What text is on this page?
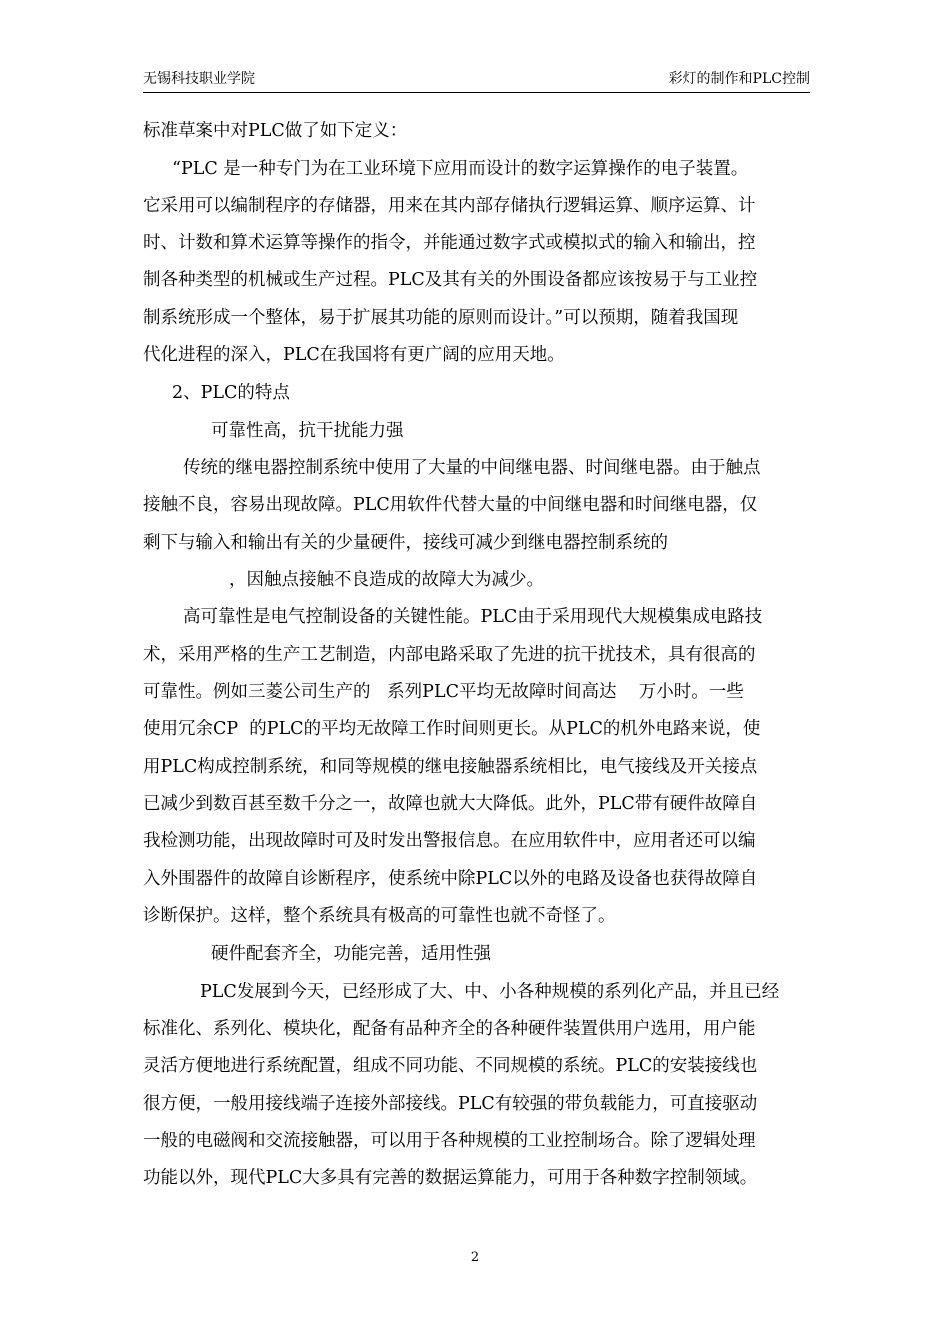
无锡科技职业学院	彩灯的制作和PLC控制
标准草案中对PLC做了如下定义：
“PLC 是一种专门为在工业环境下应用而设计的数字运算操作的电子装置。
它采用可以编制程序的存储器，用来在其内部存储执行逻辑运算、顺序运算、计
时、计数和算术运算等操作的指令，并能通过数字式或模拟式的输入和输出，控
制各种类型的机械或生产过程。PLC及其有关的外围设备都应该按易于与工业控
制系统形成一个整体，易于扩展其功能的原则而设计。”可以预期，随着我国现
代化进程的深入，PLC在我国将有更广阔的应用天地。
2、PLC的特点
可靠性高，抗干扰能力强
传统的继电器控制系统中使用了大量的中间继电器、时间继电器。由于触点
接触不良，容易出现故障。PLC用软件代替大量的中间继电器和时间继电器，仅
剩下与输入和输出有关的少量硬件，接线可减少到继电器控制系统的
，因触点接触不良造成的故障大为减少。
高可靠性是电气控制设备的关键性能。PLC由于采用现代大规模集成电路技
术，采用严格的生产工艺制造，内部电路采取了先进的抗干扰技术，具有很高的
可靠性。例如三菱公司生产的   系列PLC平均无故障时间高达    万小时。一些
使用冗余CP  的PLC的平均无故障工作时间则更长。从PLC的机外电路来说，使
用PLC构成控制系统，和同等规模的继电接触器系统相比，电气接线及开关接点
已减少到数百甚至数千分之一，故障也就大大降低。此外，PLC带有硬件故障自
我检测功能，出现故障时可及时发出警报信息。在应用软件中，应用者还可以编
入外围器件的故障自诊断程序，使系统中除PLC以外的电路及设备也获得故障自
诊断保护。这样，整个系统具有极高的可靠性也就不奇怪了。
硬件配套齐全，功能完善，适用性强
PLC发展到今天，已经形成了大、中、小各种规模的系列化产品，并且已经
标准化、系列化、模块化，配备有品种齐全的各种硬件装置供用户选用，用户能
灵活方便地进行系统配置，组成不同功能、不同规模的系统。PLC的安装接线也
很方便，一般用接线端子连接外部接线。PLC有较强的带负载能力，可直接驱动
一般的电磁阀和交流接触器，可以用于各种规模的工业控制场合。除了逻辑处理
功能以外，现代PLC大多具有完善的数据运算能力，可用于各种数字控制领域。
2
